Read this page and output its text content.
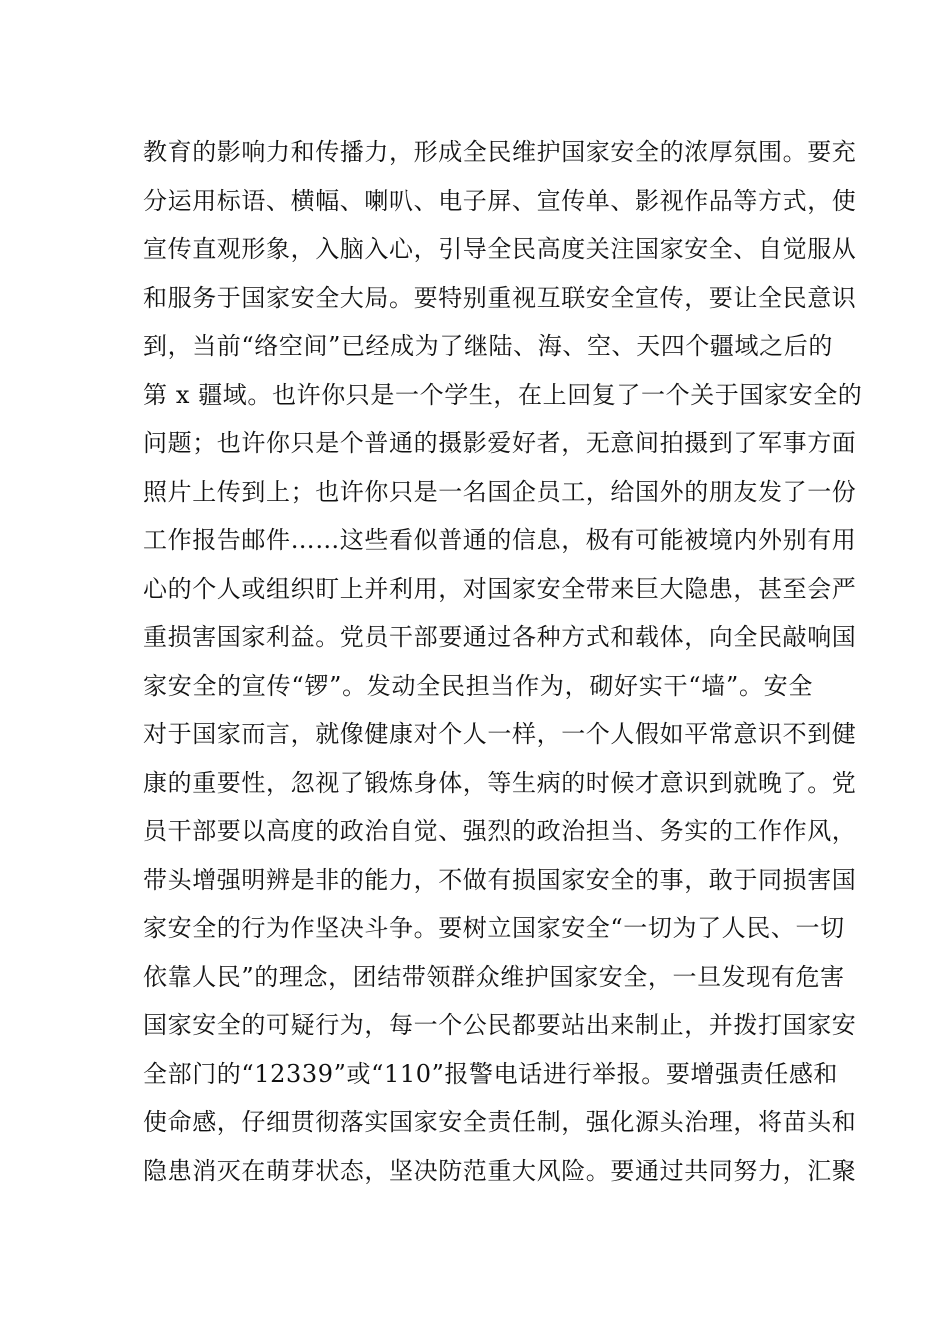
教育的影响力和传播力，形成全民维护国家安全的浓厚氛围。要充
分运用标语、横幅、喇叭、电子屏、宣传单、影视作品等方式，使
宣传直观形象，入脑入心，引导全民高度关注国家安全、自觉服从
和服务于国家安全大局。要特别重视互联安全宣传，要让全民意识
到，当前“络空间”已经成为了继陆、海、空、天四个疆域之后的
第 x 疆域。也许你只是一个学生，在上回复了一个关于国家安全的
问题；也许你只是个普通的摄影爱好者，无意间拍摄到了军事方面
照片上传到上；也许你只是一名国企员工，给国外的朋友发了一份
工作报告邮件……这些看似普通的信息，极有可能被境内外别有用
心的个人或组织盯上并利用，对国家安全带来巨大隐患，甚至会严
重损害国家利益。党员干部要通过各种方式和载体，向全民敲响国
家安全的宣传“锣”。发动全民担当作为，砌好实干“墙”。安全
对于国家而言，就像健康对个人一样，一个人假如平常意识不到健
康的重要性，忽视了锻炼身体，等生病的时候才意识到就晚了。党
员干部要以高度的政治自觉、强烈的政治担当、务实的工作作风，
带头增强明辨是非的能力，不做有损国家安全的事，敢于同损害国
家安全的行为作坚决斗争。要树立国家安全“一切为了人民、一切
依靠人民”的理念，团结带领群众维护国家安全，一旦发现有危害
国家安全的可疑行为，每一个公民都要站出来制止，并拨打国家安
全部门的“12339”或“110”报警电话进行举报。要增强责任感和
使命感，仔细贯彻落实国家安全责任制，强化源头治理，将苗头和
隐患消灭在萌芽状态，坚决防范重大风险。要通过共同努力，汇聚
